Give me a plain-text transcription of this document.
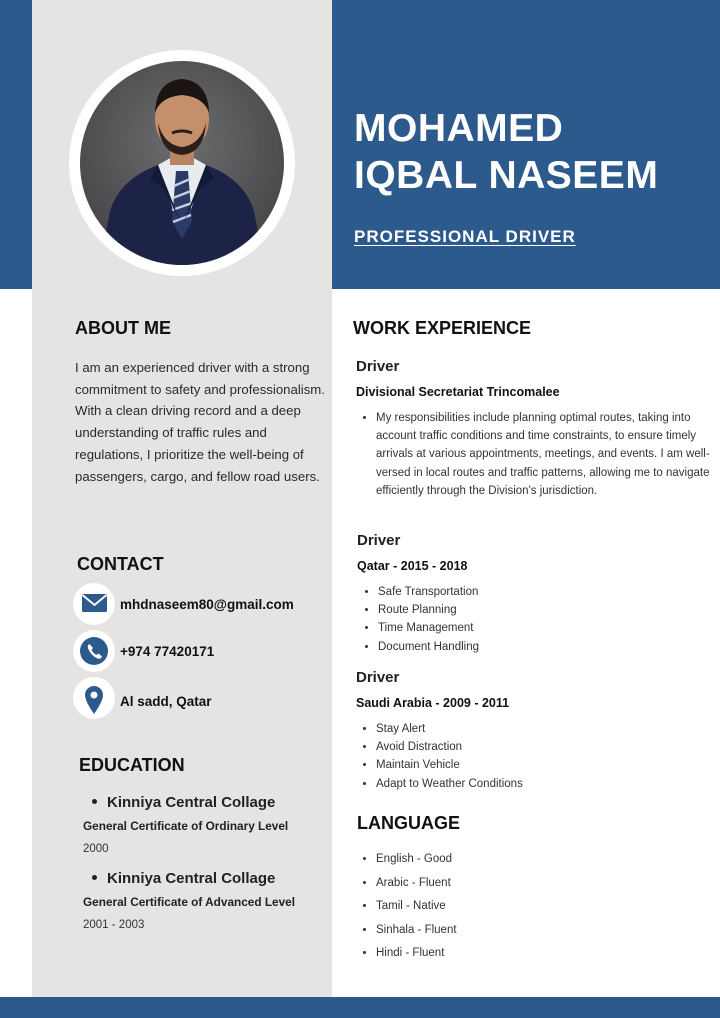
MOHAMED
IQBAL NASEEM
PROFESSIONAL DRIVER
ABOUT ME
I am an experienced driver with a strong commitment to safety and professionalism. With a clean driving record and a deep understanding of traffic rules and regulations, I prioritize the well-being of passengers, cargo, and fellow road users.
CONTACT
mhdnaseem80@gmail.com
+974 77420171
Al sadd, Qatar
EDUCATION
Kinniya Central Collage
General Certificate of Ordinary Level
2000
Kinniya Central Collage
General Certificate of Advanced Level
2001 - 2003
WORK EXPERIENCE
Driver
Divisional Secretariat Trincomalee
• My responsibilities include planning optimal routes, taking into account traffic conditions and time constraints, to ensure timely arrivals at various appointments, meetings, and events. I am well-versed in local routes and traffic patterns, allowing me to navigate efficiently through the Division's jurisdiction.
Driver
Qatar - 2015 - 2018
• Safe Transportation
• Route Planning
• Time Management
• Document Handling
Driver
Saudi Arabia - 2009 - 2011
• Stay Alert
• Avoid Distraction
• Maintain Vehicle
• Adapt to Weather Conditions
LANGUAGE
• English - Good
• Arabic - Fluent
• Tamil - Native
• Sinhala - Fluent
• Hindi - Fluent
